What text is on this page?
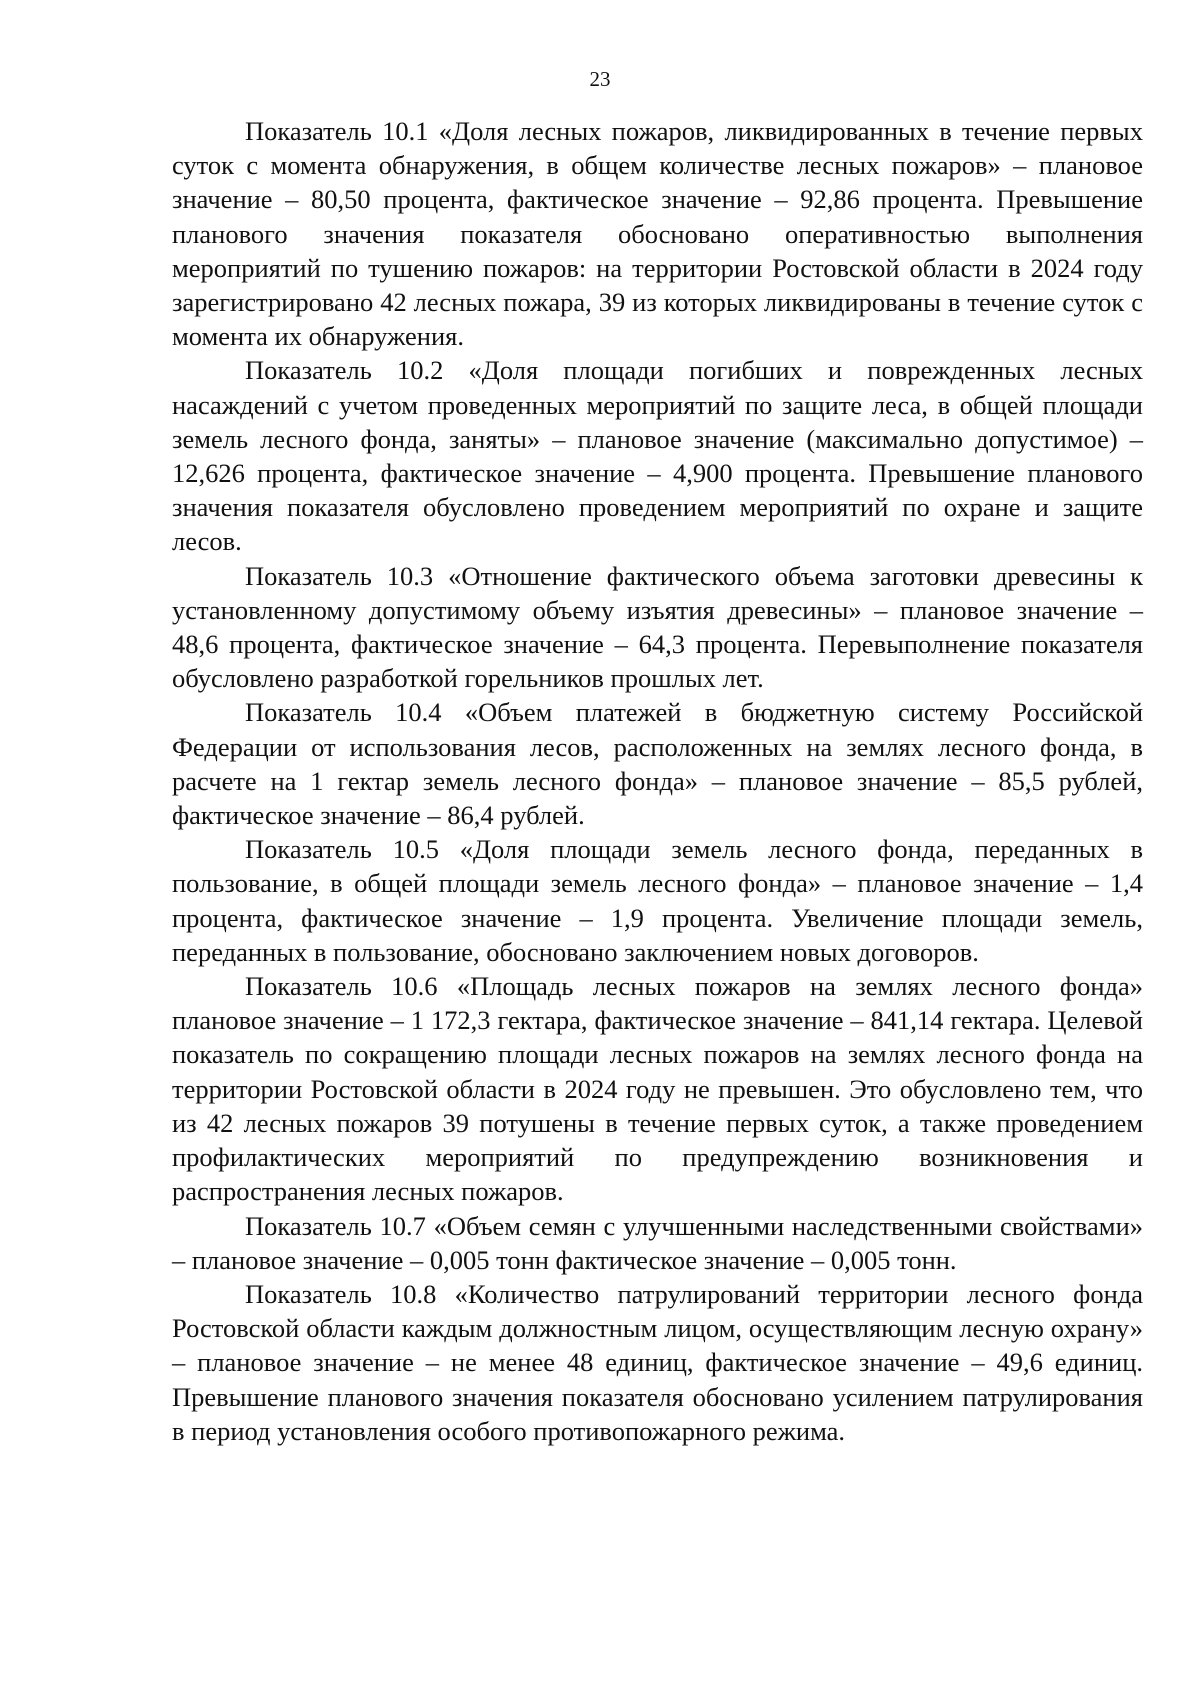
23

Показатель 10.1 «Доля лесных пожаров, ликвидированных в течение первых суток с момента обнаружения, в общем количестве лесных пожаров» – плановое значение – 80,50 процента, фактическое значение – 92,86 процента. Превышение планового значения показателя обосновано оперативностью выполнения мероприятий по тушению пожаров: на территории Ростовской области в 2024 году зарегистрировано 42 лесных пожара, 39 из которых ликвидированы в течение суток с момента их обнаружения.

Показатель 10.2 «Доля площади погибших и поврежденных лесных насаждений с учетом проведенных мероприятий по защите леса, в общей площади земель лесного фонда, заняты» – плановое значение (максимально допустимое) – 12,626 процента, фактическое значение – 4,900 процента. Превышение планового значения показателя обусловлено проведением мероприятий по охране и защите лесов.

Показатель 10.3 «Отношение фактического объема заготовки древесины к установленному допустимому объему изъятия древесины» – плановое значение – 48,6 процента, фактическое значение – 64,3 процента. Перевыполнение показателя обусловлено разработкой горельников прошлых лет.

Показатель 10.4 «Объем платежей в бюджетную систему Российской Федерации от использования лесов, расположенных на землях лесного фонда, в расчете на 1 гектар земель лесного фонда» – плановое значение – 85,5 рублей, фактическое значение – 86,4 рублей.

Показатель 10.5 «Доля площади земель лесного фонда, переданных в пользование, в общей площади земель лесного фонда» – плановое значение – 1,4 процента, фактическое значение – 1,9 процента. Увеличение площади земель, переданных в пользование, обосновано заключением новых договоров.

Показатель 10.6 «Площадь лесных пожаров на землях лесного фонда» плановое значение – 1 172,3 гектара, фактическое значение – 841,14 гектара. Целевой показатель по сокращению площади лесных пожаров на землях лесного фонда на территории Ростовской области в 2024 году не превышен. Это обусловлено тем, что из 42 лесных пожаров 39 потушены в течение первых суток, а также проведением профилактических мероприятий по предупреждению возникновения и распространения лесных пожаров.

Показатель 10.7 «Объем семян с улучшенными наследственными свойствами» – плановое значение – 0,005 тонн фактическое значение – 0,005 тонн.

Показатель 10.8 «Количество патрулирований территории лесного фонда Ростовской области каждым должностным лицом, осуществляющим лесную охрану» – плановое значение – не менее 48 единиц, фактическое значение – 49,6 единиц. Превышение планового значения показателя обосновано усилением патрулирования в период установления особого противопожарного режима.
